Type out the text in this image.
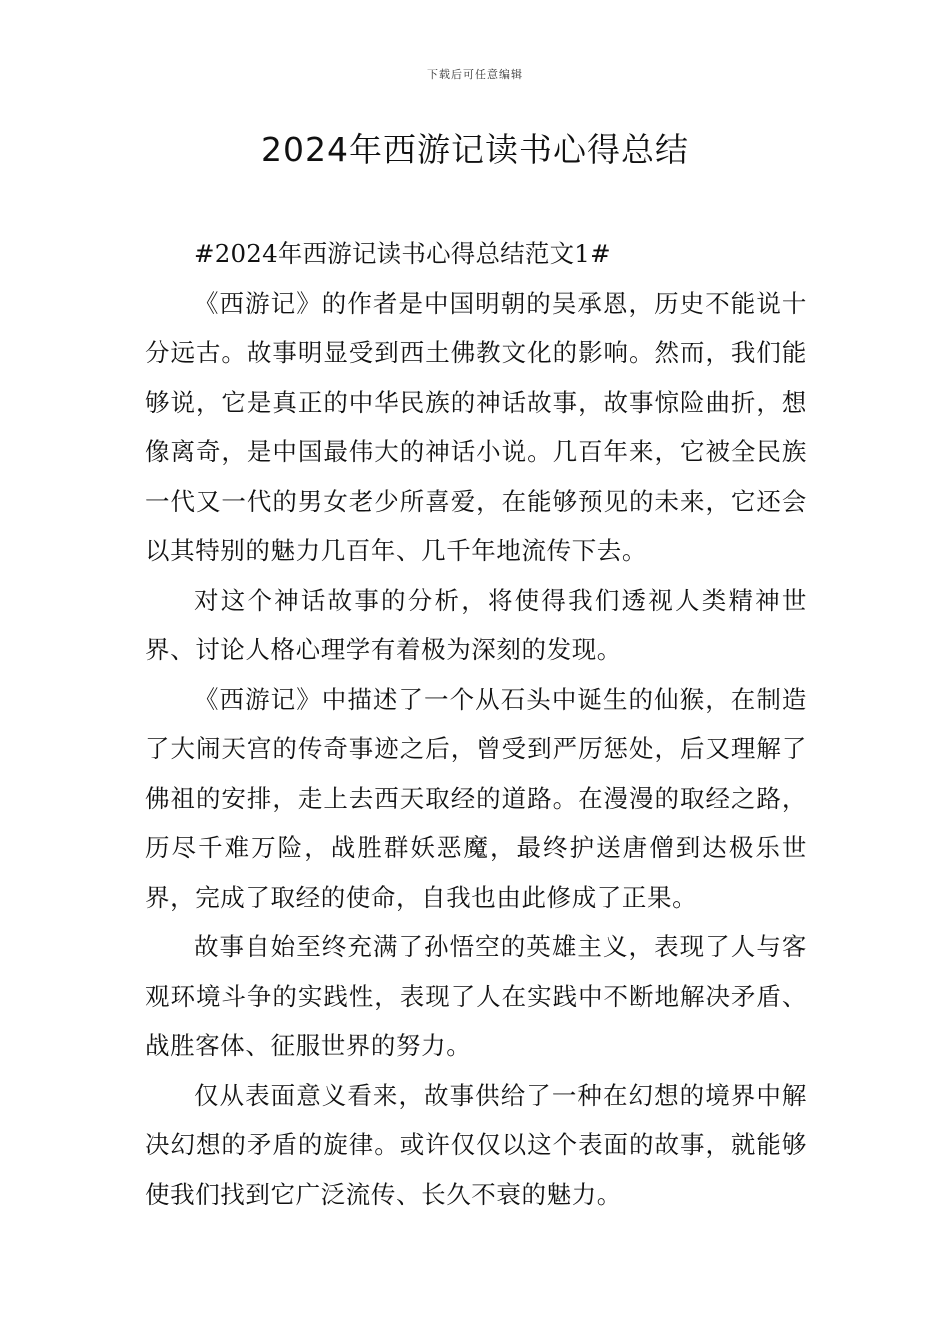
下载后可任意编辑
2024年西游记读书心得总结

#2024年西游记读书心得总结范文1#

《西游记》的作者是中国明朝的吴承恩，历史不能说十分远古。故事明显受到西土佛教文化的影响。然而，我们能够说，它是真正的中华民族的神话故事，故事惊险曲折，想像离奇，是中国最伟大的神话小说。几百年来，它被全民族一代又一代的男女老少所喜爱，在能够预见的未来，它还会以其特别的魅力几百年、几千年地流传下去。

对这个神话故事的分析，将使得我们透视人类精神世界、讨论人格心理学有着极为深刻的发现。

《西游记》中描述了一个从石头中诞生的仙猴，在制造了大闹天宫的传奇事迹之后，曾受到严厉惩处，后又理解了佛祖的安排，走上去西天取经的道路。在漫漫的取经之路，历尽千难万险，战胜群妖恶魔，最终护送唐僧到达极乐世界，完成了取经的使命，自我也由此修成了正果。

故事自始至终充满了孙悟空的英雄主义，表现了人与客观环境斗争的实践性，表现了人在实践中不断地解决矛盾、战胜客体、征服世界的努力。

仅从表面意义看来，故事供给了一种在幻想的境界中解决幻想的矛盾的旋律。或许仅仅以这个表面的故事，就能够使我们找到它广泛流传、长久不衰的魅力。
